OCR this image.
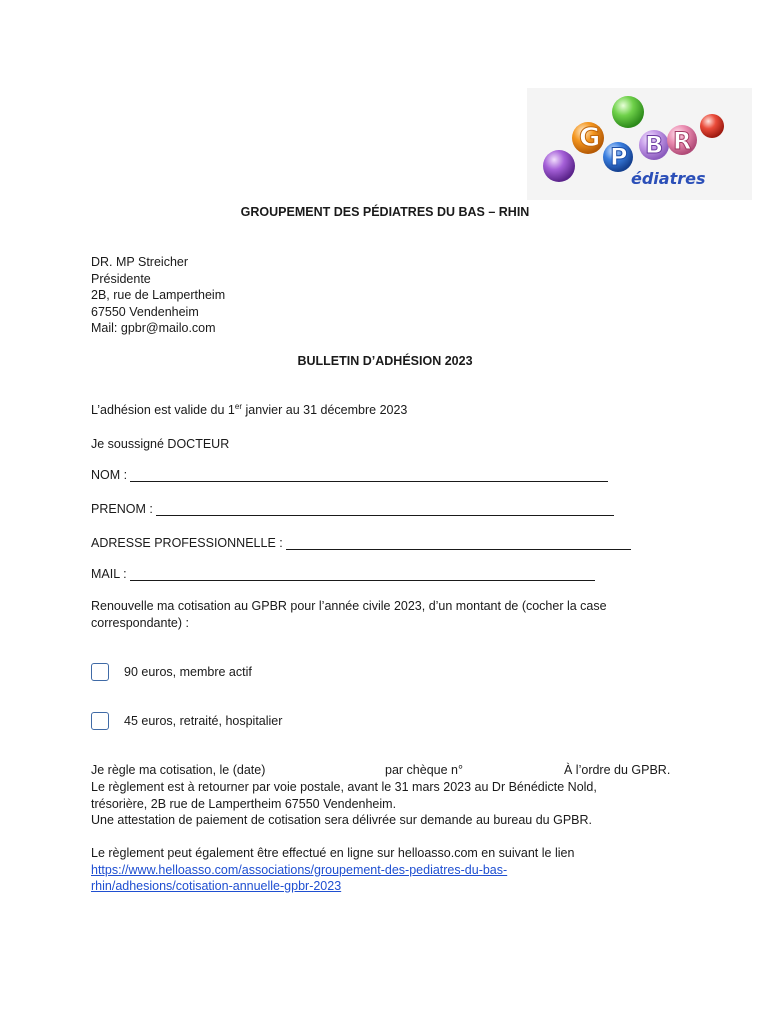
G
P B R
édiatres
GROUPEMENT DES PÉDIATRES DU BAS – RHIN
DR. MP Streicher
Présidente
2B, rue de Lampertheim
67550 Vendenheim
Mail: gpbr@mailo.com
BULLETIN D’ADHÉSION 2023
L’adhésion est valide du 1er janvier au 31 décembre 2023
Je soussigné DOCTEUR
NOM :
PRENOM :
ADRESSE PROFESSIONNELLE :
MAIL :
Renouvelle ma cotisation au GPBR pour l’année civile 2023, d’un montant de (cocher la case correspondante) :
90 euros, membre actif
45 euros, retraité, hospitalier
Je règle ma cotisation, le (date)	par chèque n°	À l’ordre du GPBR.
Le règlement est à retourner par voie postale, avant le 31 mars 2023 au Dr Bénédicte Nold,
trésorière, 2B rue de Lampertheim 67550 Vendenheim.
Une attestation de paiement de cotisation sera délivrée sur demande au bureau du GPBR.
Le règlement peut également être effectué en ligne sur helloasso.com en suivant le lien
https://www.helloasso.com/associations/groupement-des-pediatres-du-bas-
rhin/adhesions/cotisation-annuelle-gpbr-2023
